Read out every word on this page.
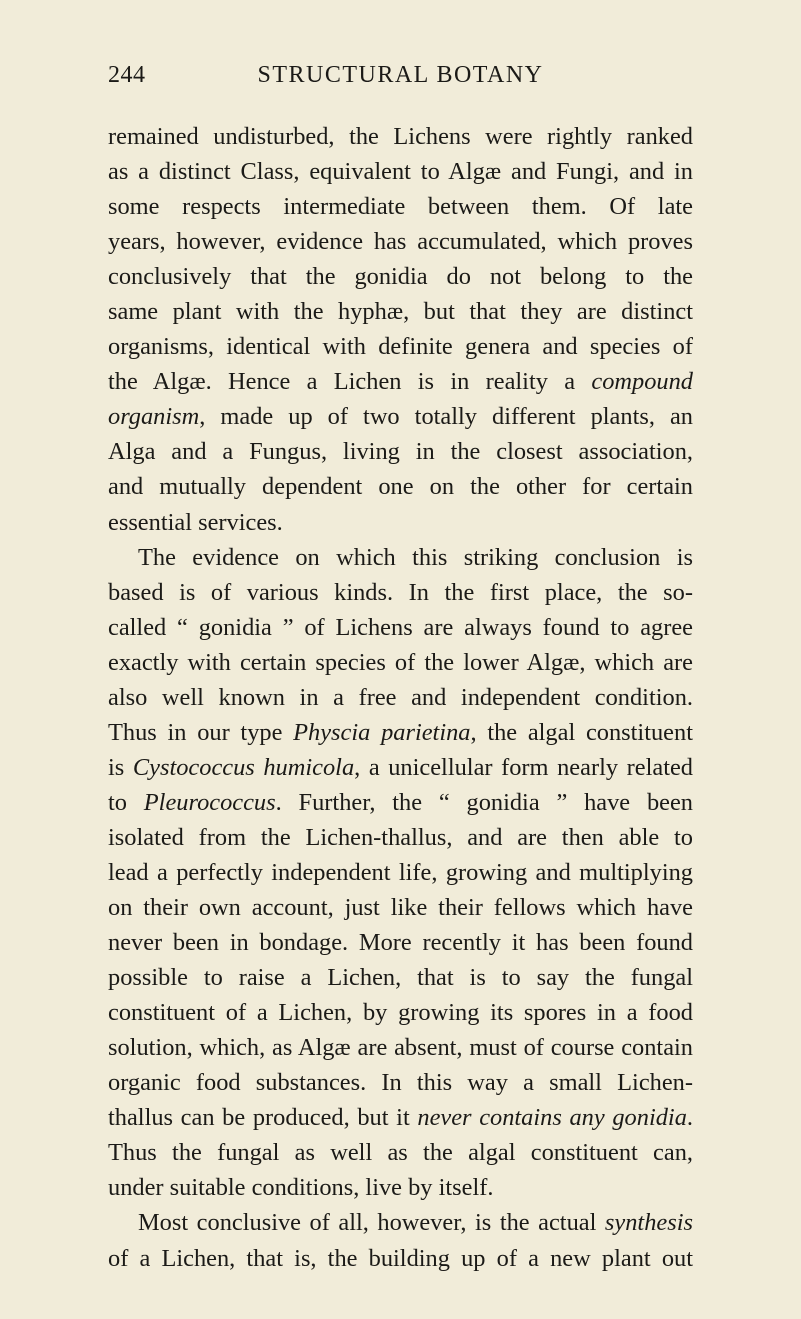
244	STRUCTURAL BOTANY
remained undisturbed, the Lichens were rightly ranked
as a distinct Class, equivalent to Algæ and Fungi, and in
some respects intermediate between them. Of late
years, however, evidence has accumulated, which proves
conclusively that the gonidia do not belong to the
same plant with the hyphæ, but that they are distinct
organisms, identical with definite genera and species of
the Algæ. Hence a Lichen is in reality a compound
organism, made up of two totally different plants, an
Alga and a Fungus, living in the closest association,
and mutually dependent one on the other for certain
essential services.
The evidence on which this striking conclusion is
based is of various kinds. In the first place, the so-
called “ gonidia ” of Lichens are always found to agree
exactly with certain species of the lower Algæ, which are
also well known in a free and independent condition.
Thus in our type Physcia parietina, the algal constituent
is Cystococcus humicola, a unicellular form nearly related
to Pleurococcus. Further, the “ gonidia ” have been
isolated from the Lichen-thallus, and are then able to
lead a perfectly independent life, growing and multiplying
on their own account, just like their fellows which have
never been in bondage. More recently it has been found
possible to raise a Lichen, that is to say the fungal
constituent of a Lichen, by growing its spores in a food
solution, which, as Algæ are absent, must of course contain
organic food substances. In this way a small Lichen-
thallus can be produced, but it never contains any gonidia.
Thus the fungal as well as the algal constituent can,
under suitable conditions, live by itself.
Most conclusive of all, however, is the actual synthesis
of a Lichen, that is, the building up of a new plant out
